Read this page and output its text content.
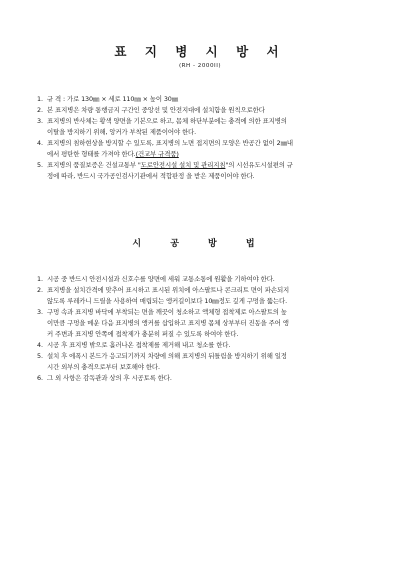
표 지 병 시 방 서
(RH - 2000II)
1. 규 격 : 가로 130㎜ × 세로 110㎜ × 높이 30㎜
2. 본 표지병은 차량 통행금지 구간인 중앙선 및 안전지대에 설치함을 원칙으로한다
3. 표지병의 반사체는 황색 양면을 기본으로 하고, 몸체 하단부분에는 충격에 의한 표지병의
이탈을 방지하기 위해, 앙커가 부착된 제품이어야 한다.
4. 표지병의 침하현상을 방지할 수 있도록, 표지병의 노면 접지면의 모양은 반공간 없이 2㎜내
에서 평탄한 형태를 가져야 한다.(건교부 규격품)
5. 표지병의 품질보증은 건설교통부 "도로안전시설 설치 및 관리지침"의 시선유도시설편의 규
정에 따라, 반드시 국가공인검사기관에서 적합판정 을 받은 제품이어야 한다.
시 공 방 법
1. 시공 중 반드시 안전시설과 신호수를 양면에 세워 교통소통에 원활을 기하여야 한다.
2. 표지병을 설치간격에 맞추어 표시하고 표시된 위치에 아스팔트나 콘크리트 면이 파손되지
않도록 루레카니 드릴을 사용하여 매립되는 앵커길이보다 10㎜정도 깊게 구멍을 뚫는다.
3. 구멍 속과 표지병 바닥에 부착되는 면을 깨끗이 청소하고 액체형 접착제로 아스팔트의 높
이만큼 구멍을 메운 다음 표지병의 앵커를 삽입하고 표지병 몸체 상부부터 진동을 주어 앵
커 주변과 표지병 안쪽에 접착제가 충분히 퍼질 수 있도록 하여야 한다.
4. 시공 후 표지병 밖으로 흘러나온 접착제를 제거해 내고 청소를 한다.
5. 설치 후 에폭시 본드가 응고되기까지 차량에 의해 표지병의 뒤틀림을 방지하기 위해 일정
시간 외부의 충격으로부터 보호해야 한다.
6. 그 외 사항은 감독관과 상의 후 시공토록 한다.
